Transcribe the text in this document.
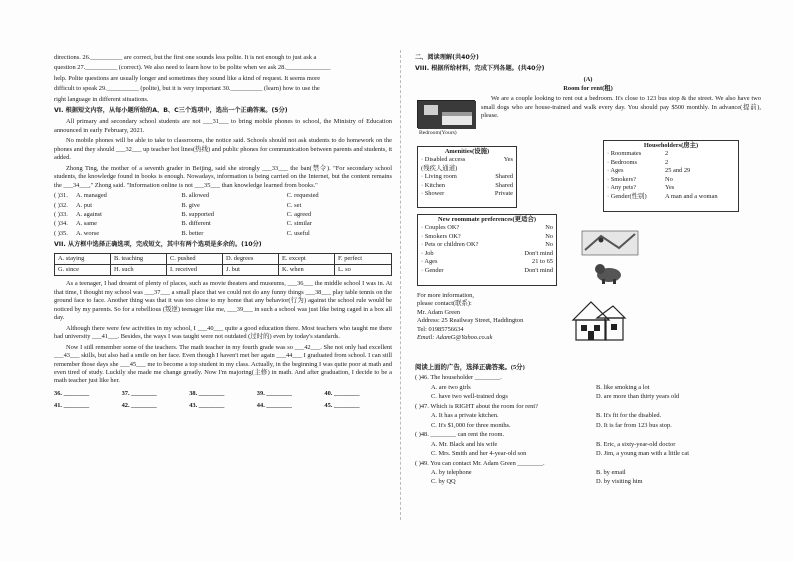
directions. 26.__________ are correct, but the first one sounds less polite. It is not enough to just ask a

question 27.__________ (correct). We also need to learn how to be polite when we ask 28.______________

help. Polite questions are usually longer and sometimes they sound like a kind of request. It seems more

difficult to speak 29.__________ (polite), but it is very important 30.__________ (learn) how to use the

right language in different situations.

VI. 根据短文内容，从每小题所给的A、B、C三个选项中，选出一个正确答案。(5分)

All primary and secondary school students are not ___31___ to bring mobile phones to school, the Ministry of Education announced in early February, 2021.

No mobile phones will be able to take to classrooms, the notice said. Schools should not ask students to do homework on the phones and they should ___32___ up teacher hot lines(热线) and public phones for communication between parents and students, it added.

Zhong Ting, the mother of a seventh grader in Beijing, said she strongly ___33___ the ban(禁令). "For secondary school students, the knowledge found in books is enough. Nowadays, information is being carried on the Internet, but the content remains the ___34___," Zhong said. "Information online is not ___35___ than knowledge learned from books."

( )31.	A. managed	B. allowed	C. requested
( )32.	A. put	B. give	C. set
( )33.	A. against	B. supported	C. agreed
( )34.	A. same	B. different	C. similar
( )35.	A. worse	B. better	C. useful
VII. 从方框中选择正确选项，完成短文，其中有两个选项是多余的。(10分)
A. staying	B. teaching	C. pushed	D. degrees	E. except	F. perfect
G. since	H. such	I. received	J. but	K. when	L. so

As a teenager, I had dreamt of plenty of places, such as movie theaters and museums, ___36___ the middle school I was in. At that time, I thought my school was ___37___ a small place that we could not do any funny things ___38___ play table tennis on the ground face to face. Another thing was that it was too close to my home that any behavior(行为) against the school rule would be noticed by my parents. So for a rebellious (叛逆) teenager like me, ___39___ in such a school was just like being caged in a box all day.

Although there were few activities in my school, I ___40___ quite a good education there. Most teachers who taught me there had university ___41___. Besides, the ways I was taught were not outdated (过时的) even by today's standards.

Now I still remember some of the teachers. The math teacher in my fourth grade was so ___42___. She not only had excellent ___43___ skills, but also had a smile on her face. Even though I haven't met her again ___44___ I graduated from school. I can still remember those days she ___45___ me to become a top student in my class. Actually, in the beginning I was quite poor at math and even tired of study. Luckily she made me change greatly. Now I'm majoring(主修) in math. And after graduation, I decide to be a math teacher just like her.

36. ________	37. ________	38. ________	39. ________	40. ________
41. ________	42. ________	43. ________	44. ________	45. ________
二、阅读理解(共40分)
VIII. 根据所给材料，完成下列各题。(共40分)
(A)
Room for rent(租)
Bedroom(Yours)

We are a couple looking to rent out a bedroom. It's close to 123 bus stop & the street. We also have two small dogs who are house-trained and walk every day. You should pay $500 monthly. In advance(提前), please.

Amenities(设施)
· Disabled access	Yes
(残疾人通道)
· Living room	Shared
· Kitchen	Shared
· Shower	Private
Householders(房主)
· Roommates	2
· Bedrooms	2
· Ages	25 and 29
· Smokers?	No
· Any pets?	Yes
· Gender(性别)	A man and a woman
New roommate preferences(更适合)
· Couples OK?	No
· Smokers OK?	No
· Pets or children OK?	No
· Job	Don't mind
· Ages	21 to 65
· Gender	Don't mind
For more information,
please contact(联系):
Mr. Adam Green
Address: 25 Reailway Street, Haddington
Tel: 01985756634
Email: AdamG@Yahoo.co.uk
阅读上面的广告，选择正确答案。(5分)
( )46. The householder ________.
A. are two girls	B. like smoking a lot
C. have two well-trained dogs	D. are more than thirty years old
( )47. Which is RIGHT about the room for rent?
A. It has a private kitchen.	B. It's fit for the disabled.
C. It's $1,000 for three months.	D. It is far from 123 bus stop.
( )48. ________ can rent the room.
A. Mr. Black and his wife	B. Eric, a sixty-year-old doctor
C. Mrs. Smith and her 4-year-old son	D. Jim, a young man with a little cat
( )49. You can contact Mr. Adam Green ________.
A. by telephone	B. by email
C. by QQ	D. by visiting him
